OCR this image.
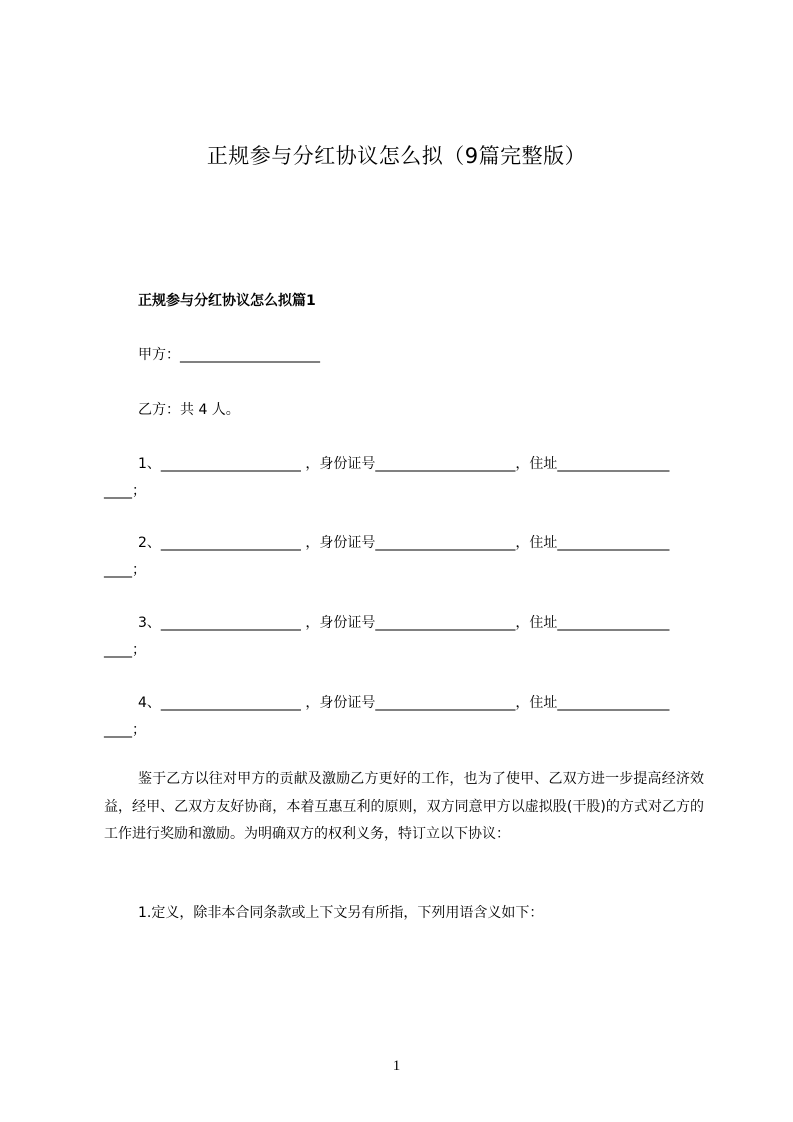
正规参与分红协议怎么拟（9篇完整版）
正规参与分红协议怎么拟篇1
甲方：____________________
乙方：共 4 人。
1、____________________ ，身份证号____________________，住址________________
____；
2、____________________ ，身份证号____________________，住址________________
____；
3、____________________ ，身份证号____________________，住址________________
____；
4、____________________ ，身份证号____________________，住址________________
____；
鉴于乙方以往对甲方的贡献及激励乙方更好的工作，也为了使甲、乙双方进一步提高经济效益，经甲、乙双方友好协商，本着互惠互利的原则，双方同意甲方以虚拟股(干股)的方式对乙方的工作进行奖励和激励。为明确双方的权利义务，特订立以下协议：
1.定义，除非本合同条款或上下文另有所指，下列用语含义如下：
1
